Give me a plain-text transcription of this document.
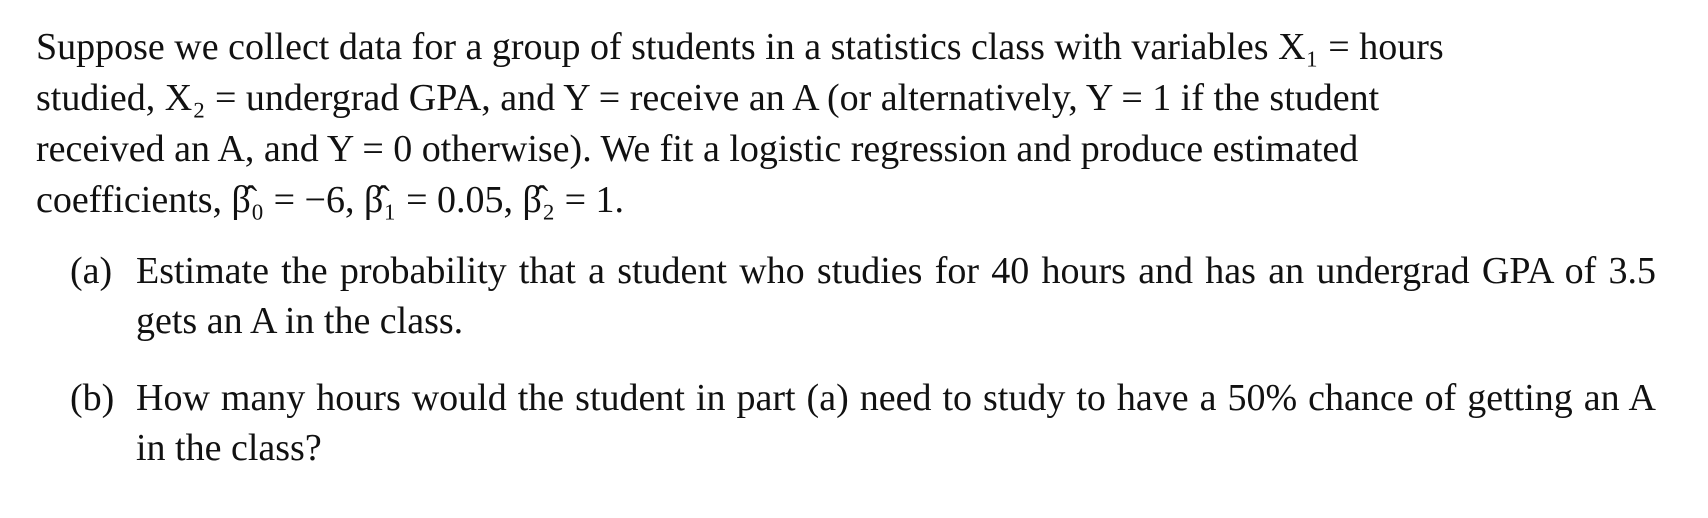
Suppose we collect data for a group of students in a statistics class with variables X₁ = hours
studied, X₂ = undergrad GPA, and Y = receive an A (or alternatively, Y = 1 if the student
received an A, and Y = 0 otherwise). We fit a logistic regression and produce estimated
coefficients, β̂₀ = −6, β̂₁ = 0.05, β̂₂ = 1.

(a) Estimate the probability that a student who studies for 40 hours and has an undergrad GPA of 3.5 gets an A in the class.
(b) How many hours would the student in part (a) need to study to have a 50% chance of getting an A in the class?
